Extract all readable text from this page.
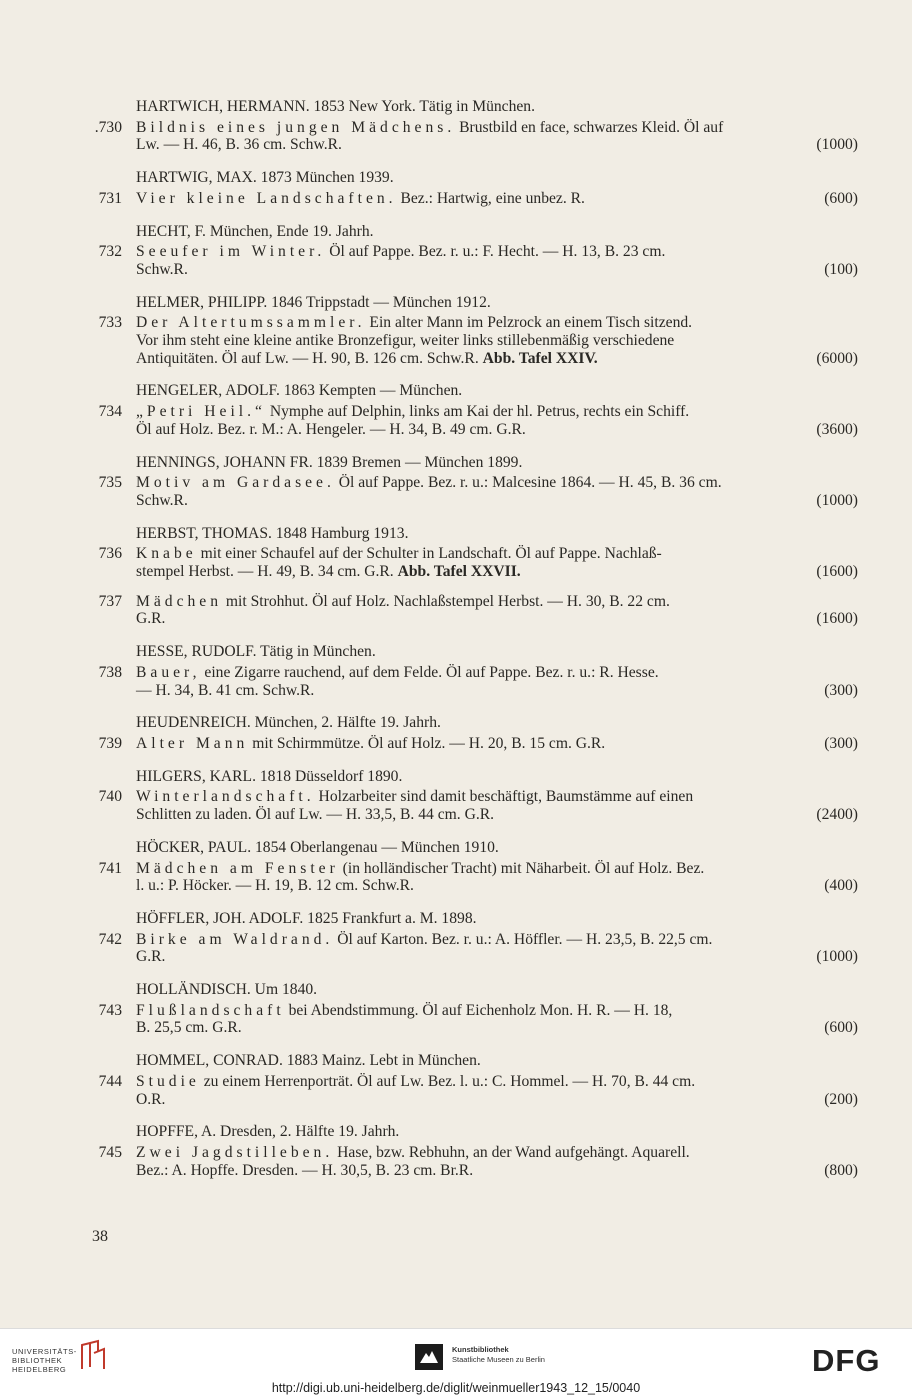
HARTWICH, HERMANN. 1853 New York. Tätig in München.
.730 Bildnis eines jungen Mädchens. Brustbild en face, schwarzes Kleid. Öl auf
Lw. — H. 46, B. 36 cm. Schw.R.	(1000)
HARTWIG, MAX. 1873 München 1939.
731 Vier kleine Landschaften. Bez.: Hartwig, eine unbez. R.	(600)
HECHT, F. München, Ende 19. Jahrh.
732 Seeufer im Winter. Öl auf Pappe. Bez. r. u.: F. Hecht. — H. 13, B. 23 cm.
Schw.R.	(100)
HELMER, PHILIPP. 1846 Trippstadt — München 1912.
733 Der Altertumssammler. Ein alter Mann im Pelzrock an einem Tisch sitzend.
Vor ihm steht eine kleine antike Bronzefigur, weiter links stillebenmäßig verschiedene
Antiquitäten. Öl auf Lw. — H. 90, B. 126 cm. Schw.R. Abb. Tafel XXIV.	(6000)
HENGELER, ADOLF. 1863 Kempten — München.
734 „Petri Heil.“ Nymphe auf Delphin, links am Kai der hl. Petrus, rechts ein Schiff.
Öl auf Holz. Bez. r. M.: A. Hengeler. — H. 34, B. 49 cm. G.R.	(3600)
HENNINGS, JOHANN FR. 1839 Bremen — München 1899.
735 Motiv am Gardasee. Öl auf Pappe. Bez. r. u.: Malcesine 1864. — H. 45, B. 36 cm.
Schw.R.	(1000)
HERBST, THOMAS. 1848 Hamburg 1913.
736 Knabe mit einer Schaufel auf der Schulter in Landschaft. Öl auf Pappe. Nachlaß-
stempel Herbst. — H. 49, B. 34 cm. G.R. Abb. Tafel XXVII.	(1600)
737 Mädchen mit Strohhut. Öl auf Holz. Nachlaßstempel Herbst. — H. 30, B. 22 cm.
G.R.	(1600)
HESSE, RUDOLF. Tätig in München.
738 Bauer, eine Zigarre rauchend, auf dem Felde. Öl auf Pappe. Bez. r. u.: R. Hesse.
— H. 34, B. 41 cm. Schw.R.	(300)
HEUDENREICH. München, 2. Hälfte 19. Jahrh.
739 Alter Mann mit Schirmmütze. Öl auf Holz. — H. 20, B. 15 cm. G.R.	(300)
HILGERS, KARL. 1818 Düsseldorf 1890.
740 Winterlandschaft. Holzarbeiter sind damit beschäftigt, Baumstämme auf einen
Schlitten zu laden. Öl auf Lw. — H. 33,5, B. 44 cm. G.R.	(2400)
HÖCKER, PAUL. 1854 Oberlangenau — München 1910.
741 Mädchen am Fenster (in holländischer Tracht) mit Näharbeit. Öl auf Holz. Bez.
l. u.: P. Höcker. — H. 19, B. 12 cm. Schw.R.	(400)
HÖFFLER, JOH. ADOLF. 1825 Frankfurt a. M. 1898.
742 Birke am Waldrand. Öl auf Karton. Bez. r. u.: A. Höffler. — H. 23,5, B. 22,5 cm.
G.R.	(1000)
HOLLÄNDISCH. Um 1840.
743 Flußlandschaft bei Abendstimmung. Öl auf Eichenholz Mon. H. R. — H. 18,
B. 25,5 cm. G.R.	(600)
HOMMEL, CONRAD. 1883 Mainz. Lebt in München.
744 Studie zu einem Herrenporträt. Öl auf Lw. Bez. l. u.: C. Hommel. — H. 70, B. 44 cm.
O.R.	(200)
HOPFFE, A. Dresden, 2. Hälfte 19. Jahrh.
745 Zwei Jagdstilleben. Hase, bzw. Rebhuhn, an der Wand aufgehängt. Aquarell.
Bez.: A. Hopffe. Dresden. — H. 30,5, B. 23 cm. Br.R.	(800)
38
UNIVERSITÄTS-
BIBLIOTHEK
HEIDELBERG
Kunstbibliothek
Staatliche Museen zu Berlin	DFG
http://digi.ub.uni-heidelberg.de/diglit/weinmueller1943_12_15/0040
